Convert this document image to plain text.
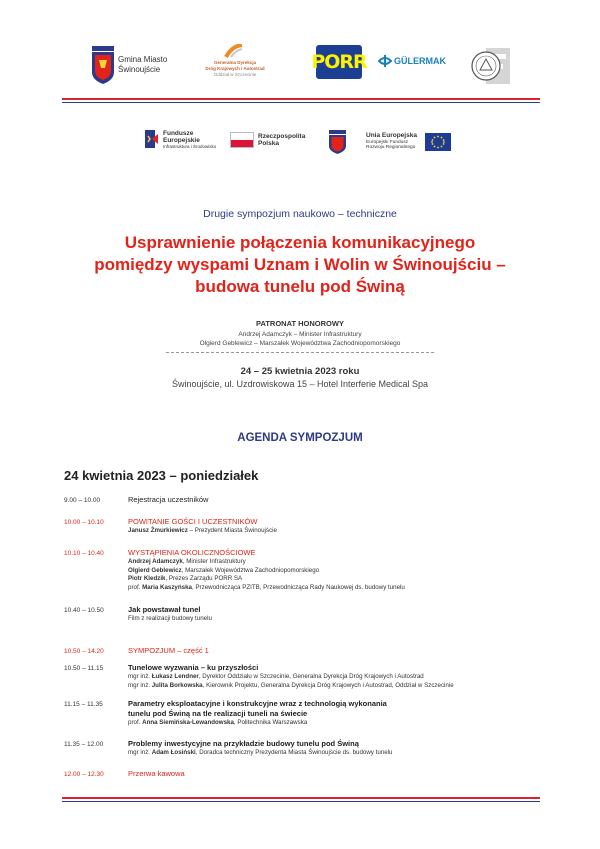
Gmina Miasto
Świnoujście
Generalna Dyrekcja
Dróg Krajowych i Autostrad
Oddział w Szczecinie
PORR	GÜLERMAK
Fundusze
Europejskie
Infrastruktura i Środowisko
Rzeczpospolita
Polska
Unia Europejska
Europejski Fundusz
Rozwoju Regionalnego
Drugie sympozjum naukowo – techniczne
Usprawnienie połączenia komunikacyjnego
pomiędzy wyspami Uznam i Wolin w Świnoujściu –
budowa tunelu pod Świną
PATRONAT HONOROWY
Andrzej Adamczyk – Minister Infrastruktury
Olgierd Geblewicz – Marszałek Województwa Zachodniopomorskiego
24 – 25 kwietnia 2023 roku
Świnoujście, ul. Uzdrowiskowa 15 – Hotel Interferie Medical Spa
AGENDA SYMPOZJUM
24 kwietnia 2023 – poniedziałek
9.00 – 10.00	Rejestracja uczestników
10.00 – 10.10	POWITANIE GOŚCI I UCZESTNIKÓW
Janusz Żmurkiewicz – Prezydent Miasta Świnoujście
10.10 – 10.40	WYSTĄPIENIA OKOLICZNOŚCIOWE
Andrzej Adamczyk, Minister Infrastruktury
Olgierd Geblewicz, Marszałek Województwa Zachodniopomorskiego
Piotr Kledzik, Prezes Zarządu PORR SA
prof. Maria Kaszyńska, Przewodnicząca PZITB, Przewodnicząca Rady Naukowej ds. budowy tunelu
10.40 – 10.50	Jak powstawał tunel
Film z realizacji budowy tunelu
10.50 – 14.20	SYMPOZJUM – część 1
10.50 – 11.15	Tunelowe wyzwania – ku przyszłości
mgr inż. Łukasz Lendner, Dyrektor Oddziału w Szczecinie, Generalna Dyrekcja Dróg Krajowych i Autostrad
mgr inż. Julita Borkowska, Kierownik Projektu, Generalna Dyrekcja Dróg Krajowych i Autostrad, Oddział w Szczecinie
11.15 – 11.35	Parametry eksploatacyjne i konstrukcyjne wraz z technologią wykonania
tunelu pod Świną na tle realizacji tuneli na świecie
prof. Anna Siemińska-Lewandowska, Politechnika Warszawska
11.35 – 12.00	Problemy inwestycyjne na przykładzie budowy tunelu pod Świną
mgr inż. Adam Łosiński, Doradca techniczny Prezydenta Miasta Świnoujście ds. budowy tunelu
12.00 – 12.30	Przerwa kawowa
